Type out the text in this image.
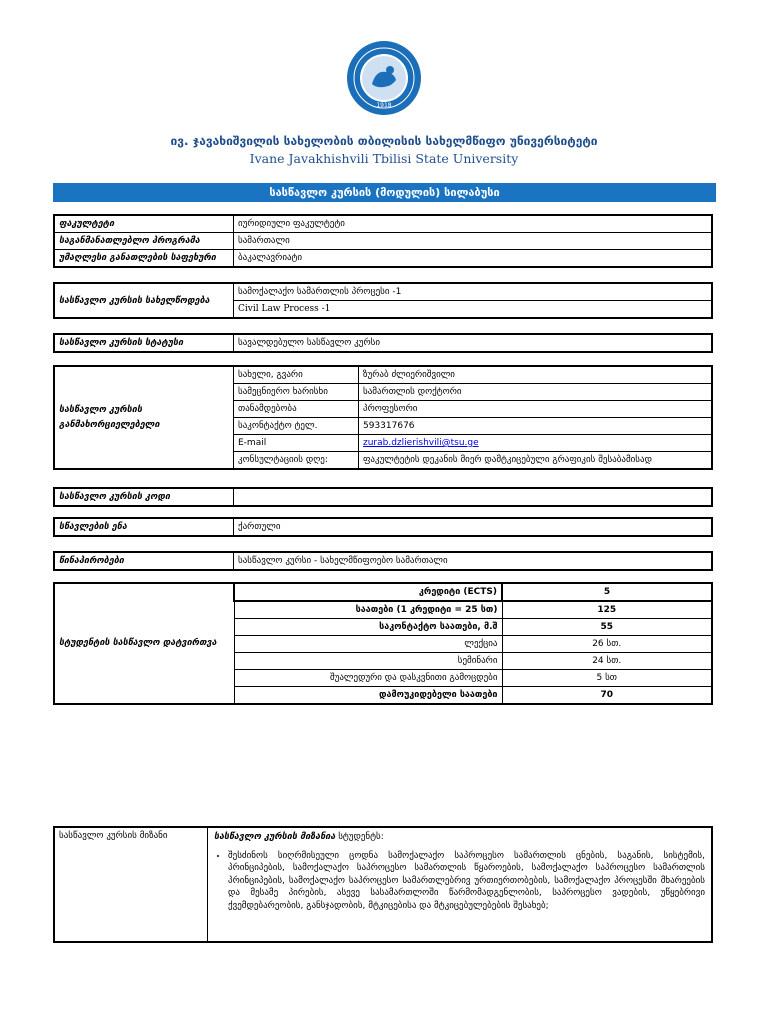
1918
ივ. ჯავახიშვილის სახელობის თბილისის სახელმწიფო უნივერსიტეტი
Ivane Javakhishvili Tbilisi State University
სასწავლო კურსის (მოდულის) სილაბუსი
ფაკულტეტი	იურიდიული ფაკულტეტი
საგანმანათლებლო პროგრამა	სამართალი
უმაღლესი განათლების საფეხური	ბაკალავრიატი
სასწავლო კურსის სახელწოდება	სამოქალაქო სამართლის პროცესი -1
Civil Law Process -1
სასწავლო კურსის სტატუსი	სავალდებულო სასწავლო კურსი
სასწავლო კურსის განმახორციელებელი	სახელი, გვარი	ზურაბ ძლიერიშვილი
	სამეცნიერო ხარისხი	სამართლის დოქტორი
	თანამდებობა	პროფესორი
	საკონტაქტო ტელ.	593317676
	E-mail	zurab.dzlierishvili@tsu.ge
	კონსულტაციის დღე:	ფაკულტეტის დეკანის მიერ დამტკიცებული გრაფიკის შესაბამისად
სასწავლო კურსის კოდი	
სწავლების ენა	ქართული
წინაპირობები	სასწავლო კურსი - სახელმწიფოებო სამართალი
სტუდენტის სასწავლო დატვირთვა	კრედიტი (ECTS)	5
	საათები (1 კრედიტი = 25 სთ)	125
	საკონტაქტო საათები, მ.შ	55
	ლექცია	26 სთ.
	სემინარი	24 სთ.
	შუალედური და დასკვნითი გამოცდები	5 სთ
	დამოუკიდებელი საათები	70
სასწავლო კურსის მიზანი	სასწავლო კურსის მიზანია სტუდენტს:
• შესძინოს სიღრმისეული ცოდნა სამოქალაქო საპროცესო სამართლის ცნების, საგანის, სისტემის, პრინციპების, სამოქალაქო საპროცესო სამართლის წყაროების, სამოქალაქო საპროცესო სამართლის პრინციპების, სამოქალაქო საპროცესო სამართლებრივ ურთიერთობების, სამოქალაქო პროცესში მხარეების და მესამე პირების, ასევე სასამართლოში წარმომადგენლობის, საპროცესო ვადების, უწყებრივი ქვემდებარეობის, განსჯადობის, მტკიცებისა და მტკიცებულებების შესახებ;
